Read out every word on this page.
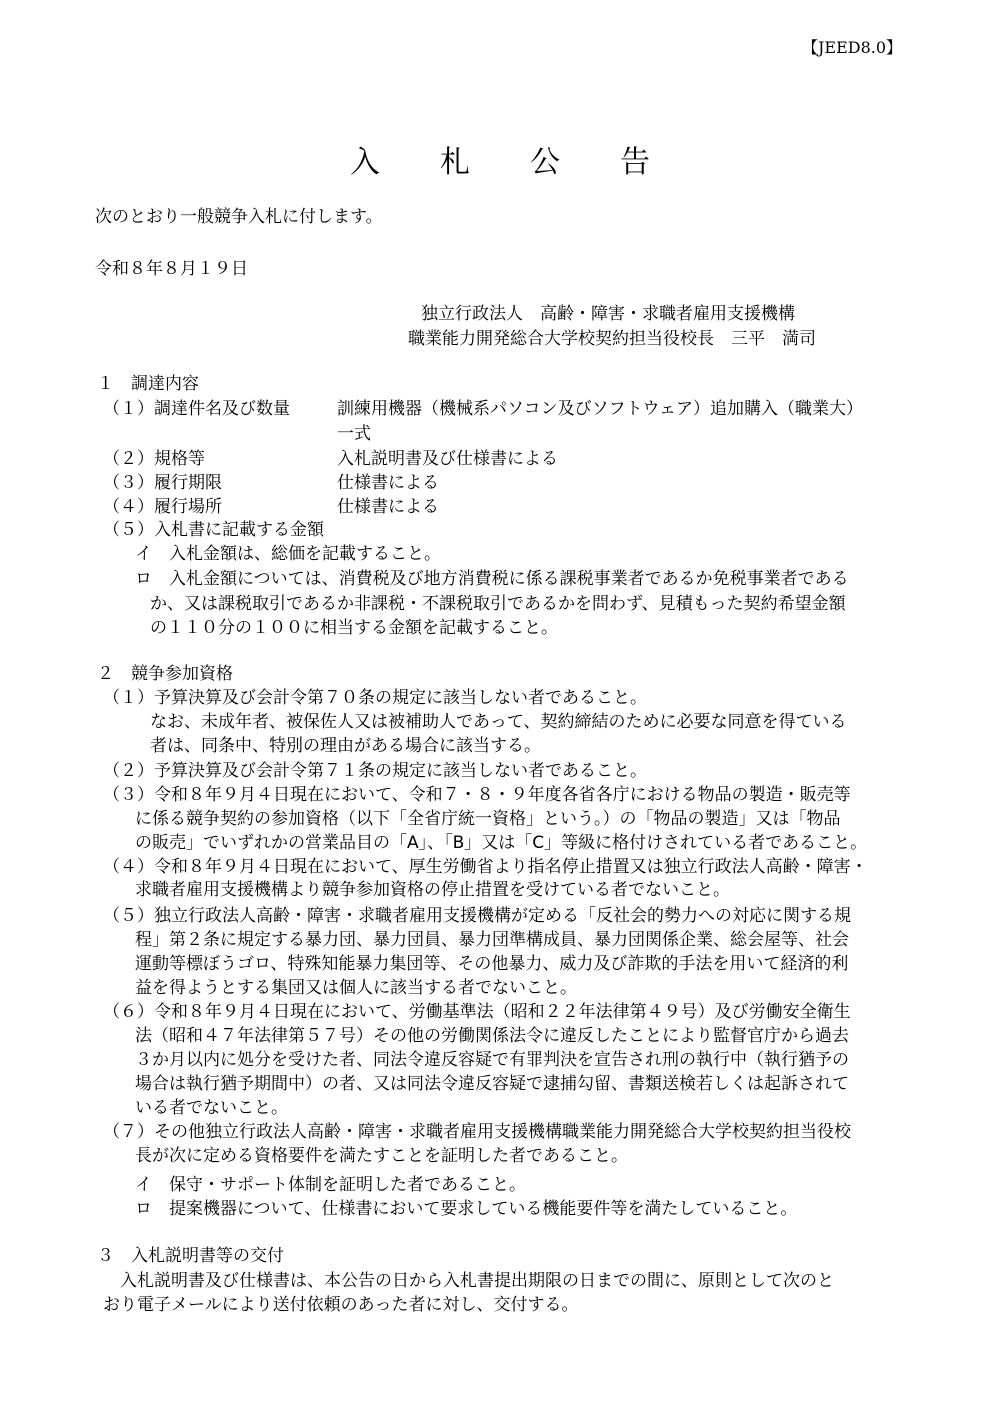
【JEED8.0】
入　　札　　公　　告
次のとおり一般競争入札に付します。
令和８年８月１９日
独立行政法人　高齢・障害・求職者雇用支援機構
職業能力開発総合大学校契約担当役校長　三平　満司
１　調達内容
（１）調達件名及び数量	訓練用機器（機械系パソコン及びソフトウェア）追加購入（職業大）
一式
（２）規格等	入札説明書及び仕様書による
（３）履行期限	仕様書による
（４）履行場所	仕様書による
（５）入札書に記載する金額
イ　入札金額は、総価を記載すること。
ロ　入札金額については、消費税及び地方消費税に係る課税事業者であるか免税事業者である
か、又は課税取引であるか非課税・不課税取引であるかを問わず、見積もった契約希望金額
の１１０分の１００に相当する金額を記載すること。
２　競争参加資格
（１）予算決算及び会計令第７０条の規定に該当しない者であること。
なお、未成年者、被保佐人又は被補助人であって、契約締結のために必要な同意を得ている
者は、同条中、特別の理由がある場合に該当する。
（２）予算決算及び会計令第７１条の規定に該当しない者であること。
（３）令和８年９月４日現在において、令和７・８・９年度各省各庁における物品の製造・販売等
に係る競争契約の参加資格（以下「全省庁統一資格」という。）の「物品の製造」又は「物品
の販売」でいずれかの営業品目の「A」、「B」又は「C」等級に格付けされている者であること。
（４）令和８年９月４日現在において、厚生労働省より指名停止措置又は独立行政法人高齢・障害・
求職者雇用支援機構より競争参加資格の停止措置を受けている者でないこと。
（５）独立行政法人高齢・障害・求職者雇用支援機構が定める「反社会的勢力への対応に関する規
程」第２条に規定する暴力団、暴力団員、暴力団準構成員、暴力団関係企業、総会屋等、社会
運動等標ぼうゴロ、特殊知能暴力集団等、その他暴力、威力及び詐欺的手法を用いて経済的利
益を得ようとする集団又は個人に該当する者でないこと。
（６）令和８年９月４日現在において、労働基準法（昭和２２年法律第４９号）及び労働安全衛生
法（昭和４７年法律第５７号）その他の労働関係法令に違反したことにより監督官庁から過去
３か月以内に処分を受けた者、同法令違反容疑で有罪判決を宣告され刑の執行中（執行猶予の
場合は執行猶予期間中）の者、又は同法令違反容疑で逮捕勾留、書類送検若しくは起訴されて
いる者でないこと。
（７）その他独立行政法人高齢・障害・求職者雇用支援機構職業能力開発総合大学校契約担当役校
長が次に定める資格要件を満たすことを証明した者であること。
イ　保守・サポート体制を証明した者であること。
ロ　提案機器について、仕様書において要求している機能要件等を満たしていること。
３　入札説明書等の交付
入札説明書及び仕様書は、本公告の日から入札書提出期限の日までの間に、原則として次のと
おり電子メールにより送付依頼のあった者に対し、交付する。
